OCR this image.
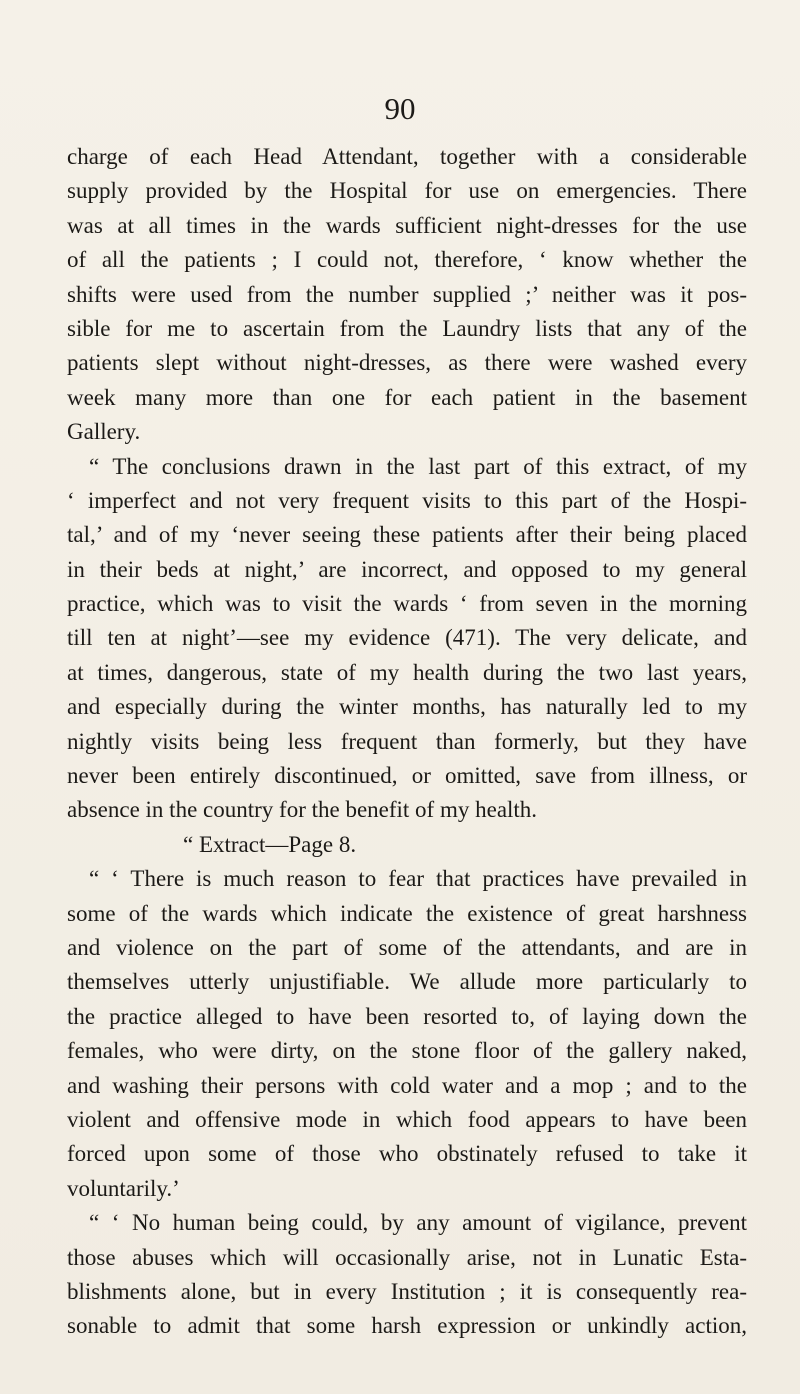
90
charge of each Head Attendant, together with a considerable
supply provided by the Hospital for use on emergencies. There
was at all times in the wards sufficient night-dresses for the use
of all the patients ; I could not, therefore, ‘ know whether the
shifts were used from the number supplied ;’ neither was it pos-
sible for me to ascertain from the Laundry lists that any of the
patients slept without night-dresses, as there were washed every
week many more than one for each patient in the basement
Gallery.
“ The conclusions drawn in the last part of this extract, of my
‘ imperfect and not very frequent visits to this part of the Hospi-
tal,’ and of my ‘never seeing these patients after their being placed
in their beds at night,’ are incorrect, and opposed to my general
practice, which was to visit the wards ‘ from seven in the morning
till ten at night’—see my evidence (471). The very delicate, and
at times, dangerous, state of my health during the two last years,
and especially during the winter months, has naturally led to my
nightly visits being less frequent than formerly, but they have
never been entirely discontinued, or omitted, save from illness, or
absence in the country for the benefit of my health.
“ Extract—Page 8.
“ ‘ There is much reason to fear that practices have prevailed in
some of the wards which indicate the existence of great harshness
and violence on the part of some of the attendants, and are in
themselves utterly unjustifiable. We allude more particularly to
the practice alleged to have been resorted to, of laying down the
females, who were dirty, on the stone floor of the gallery naked,
and washing their persons with cold water and a mop ; and to the
violent and offensive mode in which food appears to have been
forced upon some of those who obstinately refused to take it
voluntarily.’
“ ‘ No human being could, by any amount of vigilance, prevent
those abuses which will occasionally arise, not in Lunatic Esta-
blishments alone, but in every Institution ; it is consequently rea-
sonable to admit that some harsh expression or unkindly action,
